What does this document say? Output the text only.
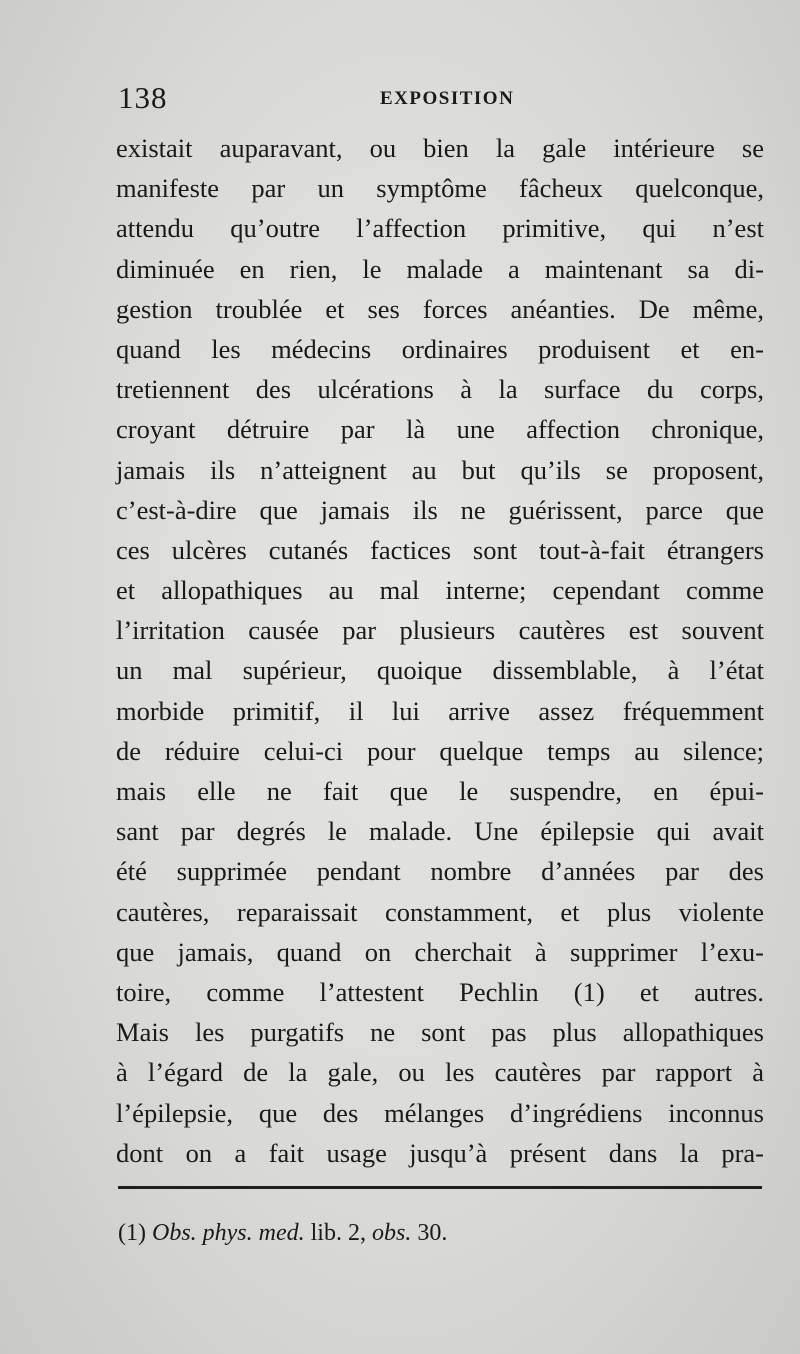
138	EXPOSITION
existait auparavant, ou bien la gale intérieure se
manifeste par un symptôme fâcheux quelconque,
attendu qu’outre l’affection primitive, qui n’est
diminuée en rien, le malade a maintenant sa di-
gestion troublée et ses forces anéanties. De même,
quand les médecins ordinaires produisent et en-
tretiennent des ulcérations à la surface du corps,
croyant détruire par là une affection chronique,
jamais ils n’atteignent au but qu’ils se proposent,
c’est-à-dire que jamais ils ne guérissent, parce que
ces ulcères cutanés factices sont tout-à-fait étrangers
et allopathiques au mal interne; cependant comme
l’irritation causée par plusieurs cautères est souvent
un mal supérieur, quoique dissemblable, à l’état
morbide primitif, il lui arrive assez fréquemment
de réduire celui-ci pour quelque temps au silence;
mais elle ne fait que le suspendre, en épui-
sant par degrés le malade. Une épilepsie qui avait
été supprimée pendant nombre d’années par des
cautères, reparaissait constamment, et plus violente
que jamais, quand on cherchait à supprimer l’exu-
toire, comme l’attestent Pechlin (1) et autres.
Mais les purgatifs ne sont pas plus allopathiques
à l’égard de la gale, ou les cautères par rapport à
l’épilepsie, que des mélanges d’ingrédiens inconnus
dont on a fait usage jusqu’à présent dans la pra-
(1) Obs. phys. med. lib. 2, obs. 30.
